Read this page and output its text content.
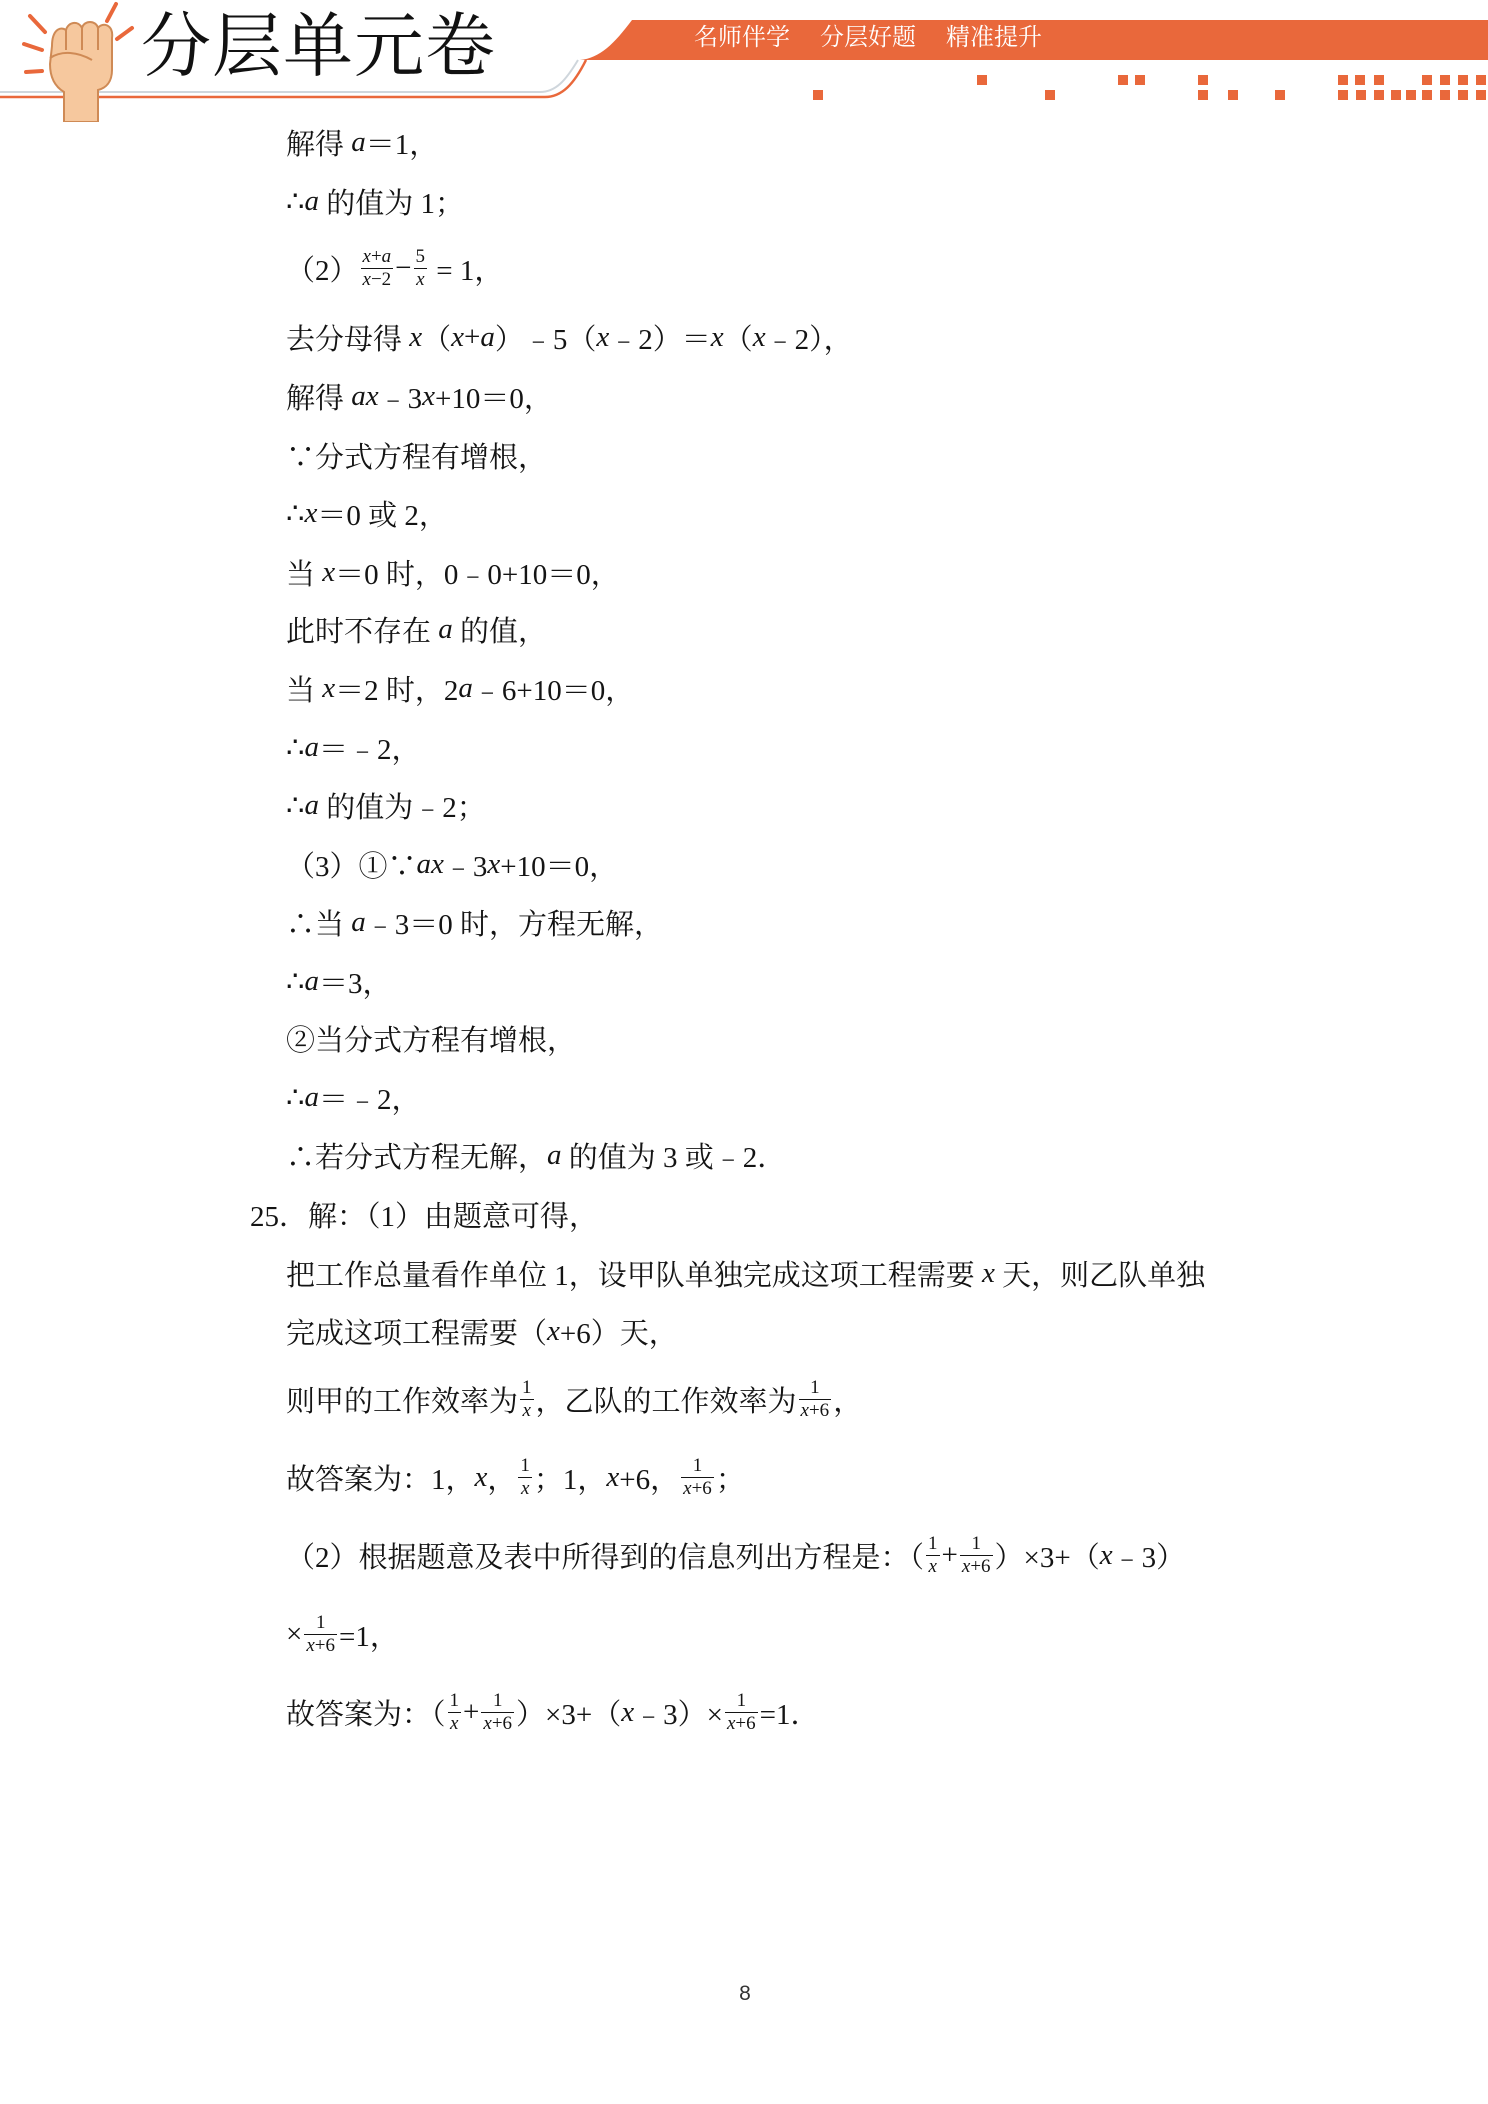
分层单元卷	名师伴学 分层好题 精准提升
解得 a ＝1，
∴ a 的值为 1；
$(2) \frac{x + a}{x -2} - \frac{5}{x} = 1$，
去分母得 x （ x + a ）﹣5（ x ﹣2）＝ x （ x ﹣2），
解得 ax ﹣3 x +10＝0，
∵分式方程有增根，
∴ x ＝0 或 2，
当 x ＝0 时，0﹣0+10＝0，
此时不存在 a 的值，
当 x ＝2 时，2 a ﹣6+10＝0，
∴ a ＝﹣2，
∴ a 的值为﹣2；
（3）①∵ ax ﹣3 x +10＝0，
∴当 a ﹣3＝0 时，方程无解，
∴ a ＝3，
②当分式方程有增根，
∴ a ＝﹣2，
∴若分式方程无解， a 的值为 3 或﹣2．
25．解：（1）由题意可得，
把工作总量看作单位 1，设甲队单独完成这项工程需要 x 天，则乙队单独
完成这项工程需要（ x +6）天，
则甲的工作效率为 $\frac{1}{x}$ ，乙队的工作效率为 $\frac{1}{x +6}$ ，
故答案为：1， x ， $\frac{1}{x}$ ；1， x +6， $\frac{1}{x +6}$ ；
（2）根据题意及表中所得到的信息列出方程是：（ $\frac{1}{x} + \frac{1}{x +6} )\times 3+$（ x ﹣3）
× $\frac{1}{x +6} =1$，
故答案为：（ $\frac{1}{x} + \frac{1}{x +6} )\times 3+$（ x ﹣3）× $\frac{1}{x +6} =1$．
8
